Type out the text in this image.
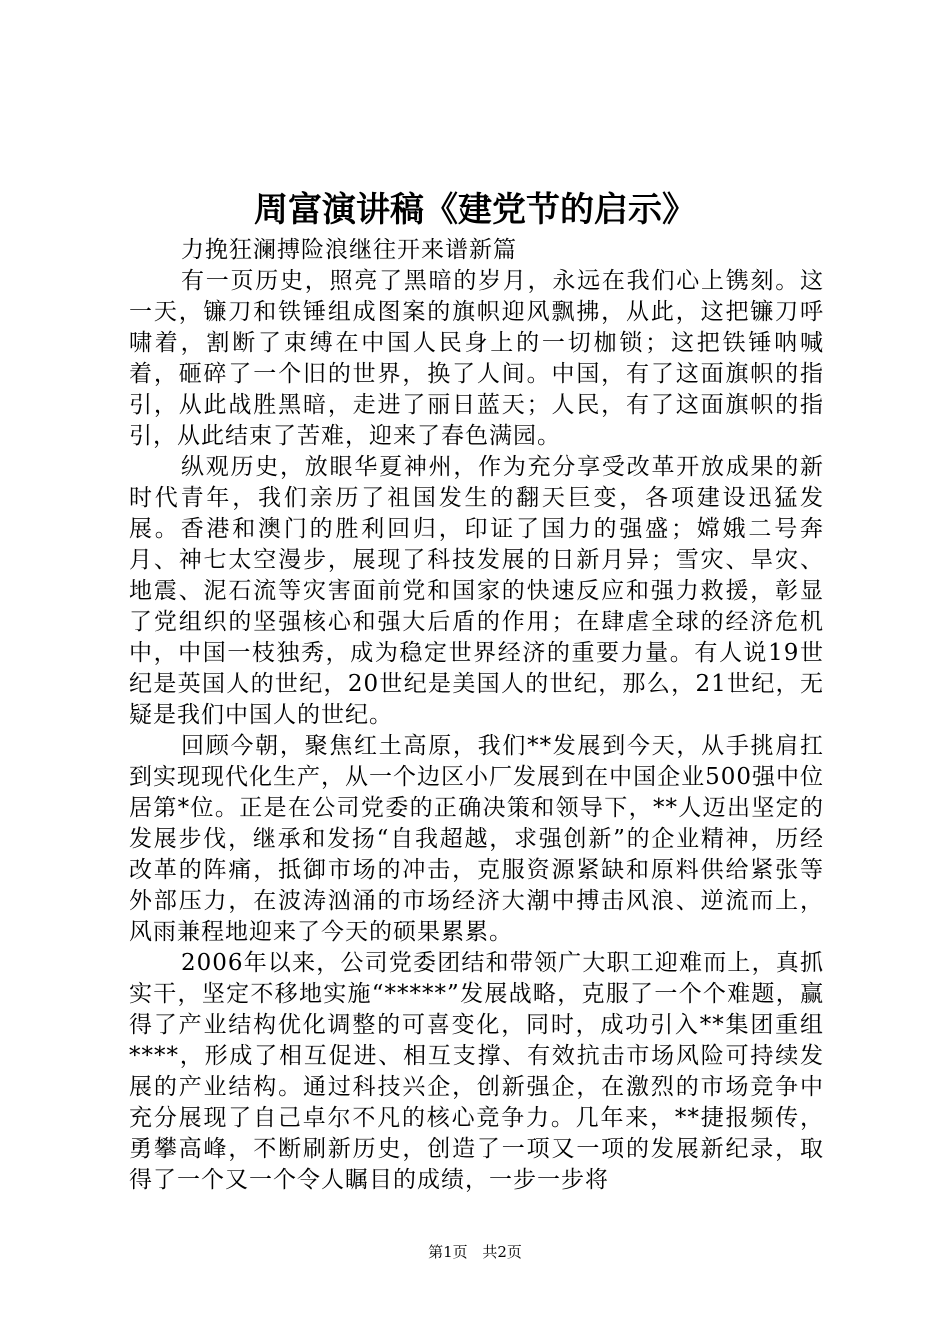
周富演讲稿《建党节的启示》

力挽狂澜搏险浪继往开来谱新篇

有一页历史，照亮了黑暗的岁月，永远在我们心上镌刻。这一天，镰刀和铁锤组成图案的旗帜迎风飘拂，从此，这把镰刀呼啸着，割断了束缚在中国人民身上的一切枷锁；这把铁锤呐喊着，砸碎了一个旧的世界，换了人间。中国，有了这面旗帜的指引，从此战胜黑暗，走进了丽日蓝天；人民，有了这面旗帜的指引，从此结束了苦难，迎来了春色满园。

纵观历史，放眼华夏神州，作为充分享受改革开放成果的新时代青年，我们亲历了祖国发生的翻天巨变，各项建设迅猛发展。香港和澳门的胜利回归，印证了国力的强盛；嫦娥二号奔月、神七太空漫步，展现了科技发展的日新月异；雪灾、旱灾、地震、泥石流等灾害面前党和国家的快速反应和强力救援，彰显了党组织的坚强核心和强大后盾的作用；在肆虐全球的经济危机中，中国一枝独秀，成为稳定世界经济的重要力量。有人说19世纪是英国人的世纪，20世纪是美国人的世纪，那么，21世纪，无疑是我们中国人的世纪。

回顾今朝，聚焦红土高原，我们**发展到今天，从手挑肩扛到实现现代化生产，从一个边区小厂发展到在中国企业500强中位居第*位。正是在公司党委的正确决策和领导下，**人迈出坚定的发展步伐，继承和发扬“自我超越，求强创新”的企业精神，历经改革的阵痛，抵御市场的冲击，克服资源紧缺和原料供给紧张等外部压力，在波涛汹涌的市场经济大潮中搏击风浪、逆流而上，风雨兼程地迎来了今天的硕果累累。

2006年以来，公司党委团结和带领广大职工迎难而上，真抓实干，坚定不移地实施“*****”发展战略，克服了一个个难题，赢得了产业结构优化调整的可喜变化，同时，成功引入**集团重组****，形成了相互促进、相互支撑、有效抗击市场风险可持续发展的产业结构。通过科技兴企，创新强企，在激烈的市场竞争中充分展现了自己卓尔不凡的核心竞争力。几年来，**捷报频传，勇攀高峰，不断刷新历史，创造了一项又一项的发展新纪录，取得了一个又一个令人瞩目的成绩，一步一步将

第1页 共2页
